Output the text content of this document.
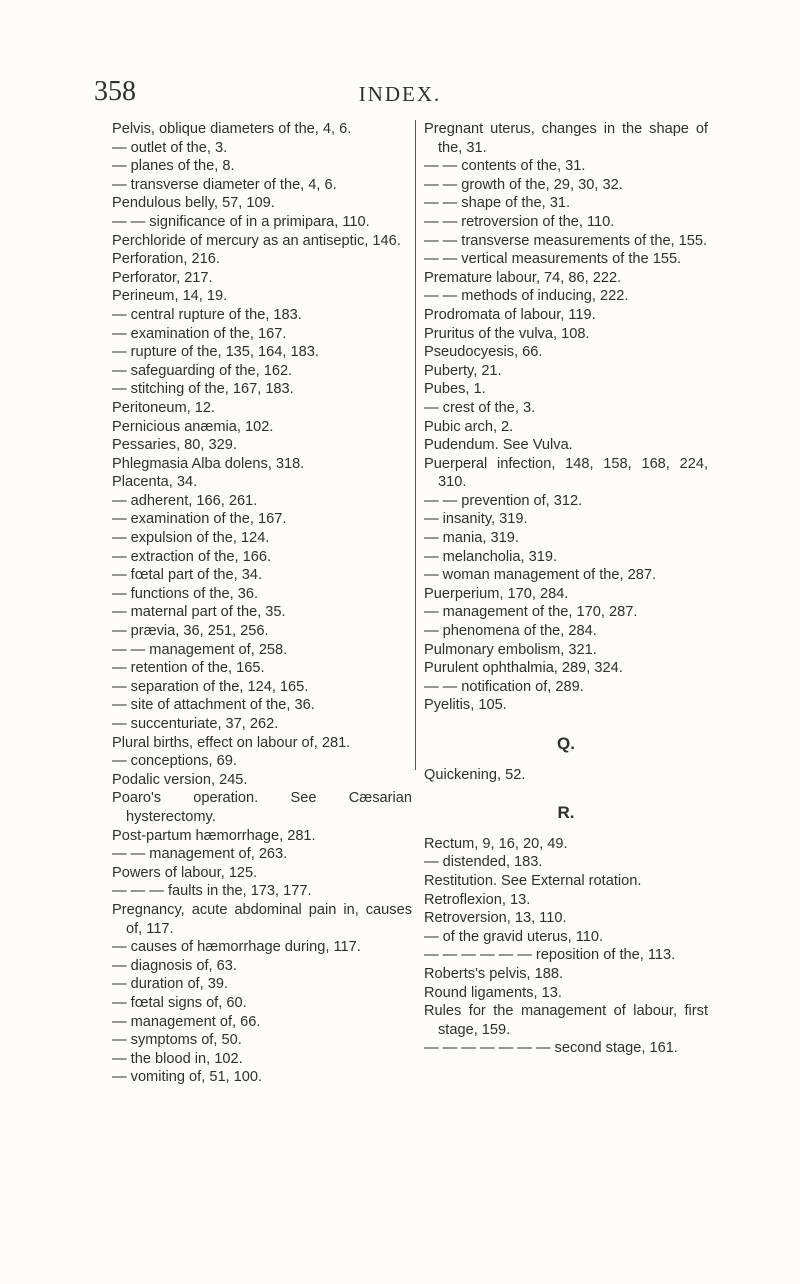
358	INDEX.
Pelvis, oblique diameters of the, 4, 6.
— outlet of the, 3.
— planes of the, 8.
— transverse diameter of the, 4, 6.
Pendulous belly, 57, 109.
— — significance of in a primipara, 110.
Perchloride of mercury as an antiseptic, 146.
Perforation, 216.
Perforator, 217.
Perineum, 14, 19.
— central rupture of the, 183.
— examination of the, 167.
— rupture of the, 135, 164, 183.
— safeguarding of the, 162.
— stitching of the, 167, 183.
Peritoneum, 12.
Pernicious anæmia, 102.
Pessaries, 80, 329.
Phlegmasia Alba dolens, 318.
Placenta, 34.
— adherent, 166, 261.
— examination of the, 167.
— expulsion of the, 124.
— extraction of the, 166.
— fœtal part of the, 34.
— functions of the, 36.
— maternal part of the, 35.
— prævia, 36, 251, 256.
— — management of, 258.
— retention of the, 165.
— separation of the, 124, 165.
— site of attachment of the, 36.
— succenturiate, 37, 262.
Plural births, effect on labour of, 281.
— conceptions, 69.
Podalic version, 245.
Poaro's operation. See Cæsarian hysterectomy.
Post-partum hæmorrhage, 281.
— — management of, 263.
Powers of labour, 125.
— — — faults in the, 173, 177.
Pregnancy, acute abdominal pain in, causes of, 117.
— causes of hæmorrhage during, 117.
— diagnosis of, 63.
— duration of, 39.
— fœtal signs of, 60.
— management of, 66.
— symptoms of, 50.
— the blood in, 102.
— vomiting of, 51, 100.
Pregnant uterus, changes in the shape of the, 31.
— — contents of the, 31.
— — growth of the, 29, 30, 32.
— — shape of the, 31.
— — retroversion of the, 110.
— — transverse measurements of the, 155.
— — vertical measurements of the 155.
Premature labour, 74, 86, 222.
— — methods of inducing, 222.
Prodromata of labour, 119.
Pruritus of the vulva, 108.
Pseudocyesis, 66.
Puberty, 21.
Pubes, 1.
— crest of the, 3.
Pubic arch, 2.
Pudendum. See Vulva.
Puerperal infection, 148, 158, 168, 224, 310.
— — prevention of, 312.
— insanity, 319.
— mania, 319.
— melancholia, 319.
— woman management of the, 287.
Puerperium, 170, 284.
— management of the, 170, 287.
— phenomena of the, 284.
Pulmonary embolism, 321.
Purulent ophthalmia, 289, 324.
— — notification of, 289.
Pyelitis, 105.
Q.
Quickening, 52.
R.
Rectum, 9, 16, 20, 49.
— distended, 183.
Restitution. See External rotation.
Retroflexion, 13.
Retroversion, 13, 110.
— of the gravid uterus, 110.
— — — — — — reposition of the, 113.
Roberts's pelvis, 188.
Round ligaments, 13.
Rules for the management of labour, first stage, 159.
— — — — — — — second stage, 161.
